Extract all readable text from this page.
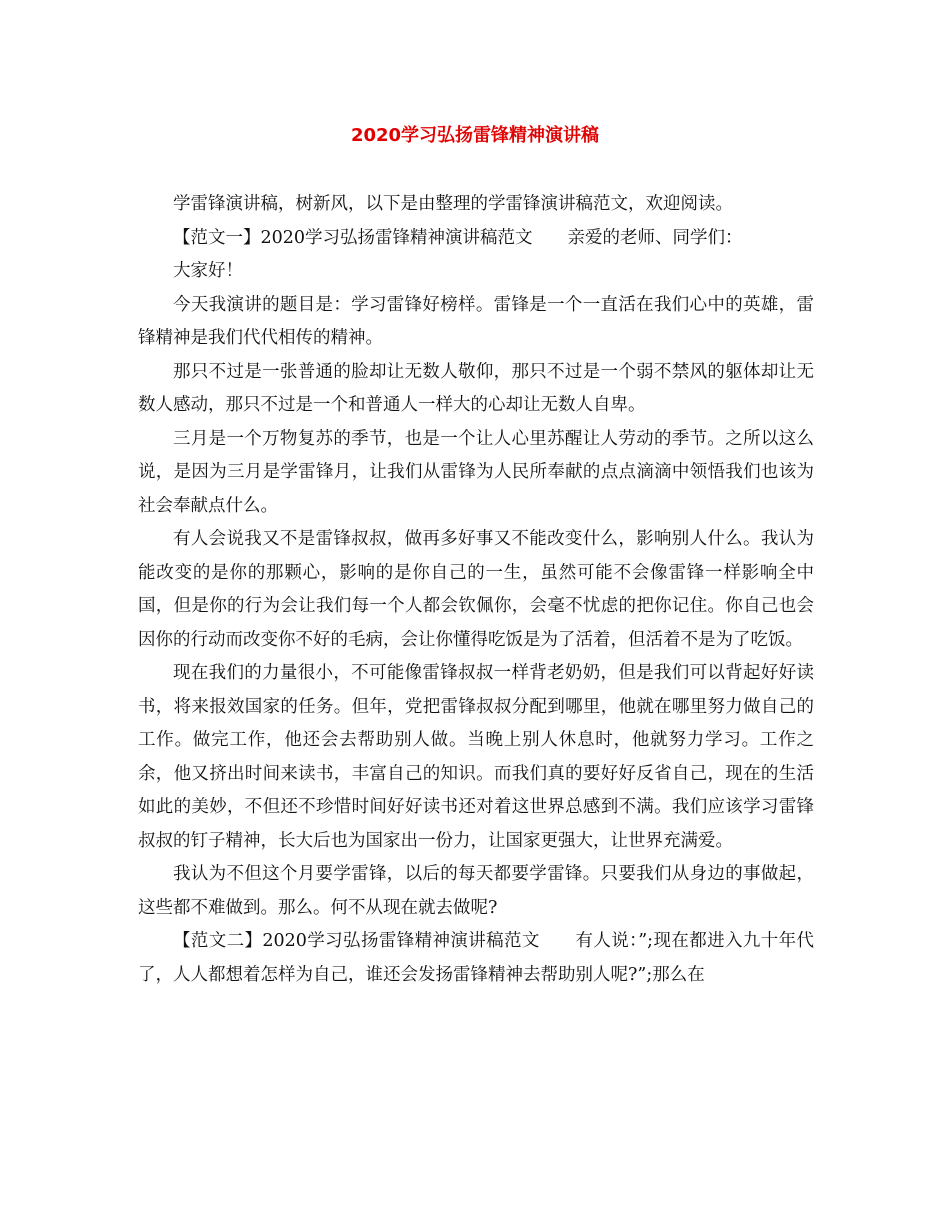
2020学习弘扬雷锋精神演讲稿

学雷锋演讲稿，树新风，以下是由整理的学雷锋演讲稿范文，欢迎阅读。

【范文一】2020学习弘扬雷锋精神演讲稿范文　　亲爱的老师、同学们：

大家好！

今天我演讲的题目是：学习雷锋好榜样。雷锋是一个一直活在我们心中的英雄，雷锋精神是我们代代相传的精神。

那只不过是一张普通的脸却让无数人敬仰，那只不过是一个弱不禁风的躯体却让无数人感动，那只不过是一个和普通人一样大的心却让无数人自卑。

三月是一个万物复苏的季节，也是一个让人心里苏醒让人劳动的季节。之所以这么说，是因为三月是学雷锋月，让我们从雷锋为人民所奉献的点点滴滴中领悟我们也该为社会奉献点什么。

有人会说我又不是雷锋叔叔，做再多好事又不能改变什么，影响别人什么。我认为能改变的是你的那颗心，影响的是你自己的一生，虽然可能不会像雷锋一样影响全中国，但是你的行为会让我们每一个人都会钦佩你，会毫不忧虑的把你记住。你自己也会因你的行动而改变你不好的毛病，会让你懂得吃饭是为了活着，但活着不是为了吃饭。

现在我们的力量很小，不可能像雷锋叔叔一样背老奶奶，但是我们可以背起好好读书，将来报效国家的任务。但年，党把雷锋叔叔分配到哪里，他就在哪里努力做自己的工作。做完工作，他还会去帮助别人做。当晚上别人休息时，他就努力学习。工作之余，他又挤出时间来读书，丰富自己的知识。而我们真的要好好反省自己，现在的生活如此的美妙，不但还不珍惜时间好好读书还对着这世界总感到不满。我们应该学习雷锋叔叔的钉子精神，长大后也为国家出一份力，让国家更强大，让世界充满爱。

我认为不但这个月要学雷锋，以后的每天都要学雷锋。只要我们从身边的事做起，这些都不难做到。那么。何不从现在就去做呢?

【范文二】2020学习弘扬雷锋精神演讲稿范文　　有人说：”;现在都进入九十年代了，人人都想着怎样为自己，谁还会发扬雷锋精神去帮助别人呢?”;那么在
